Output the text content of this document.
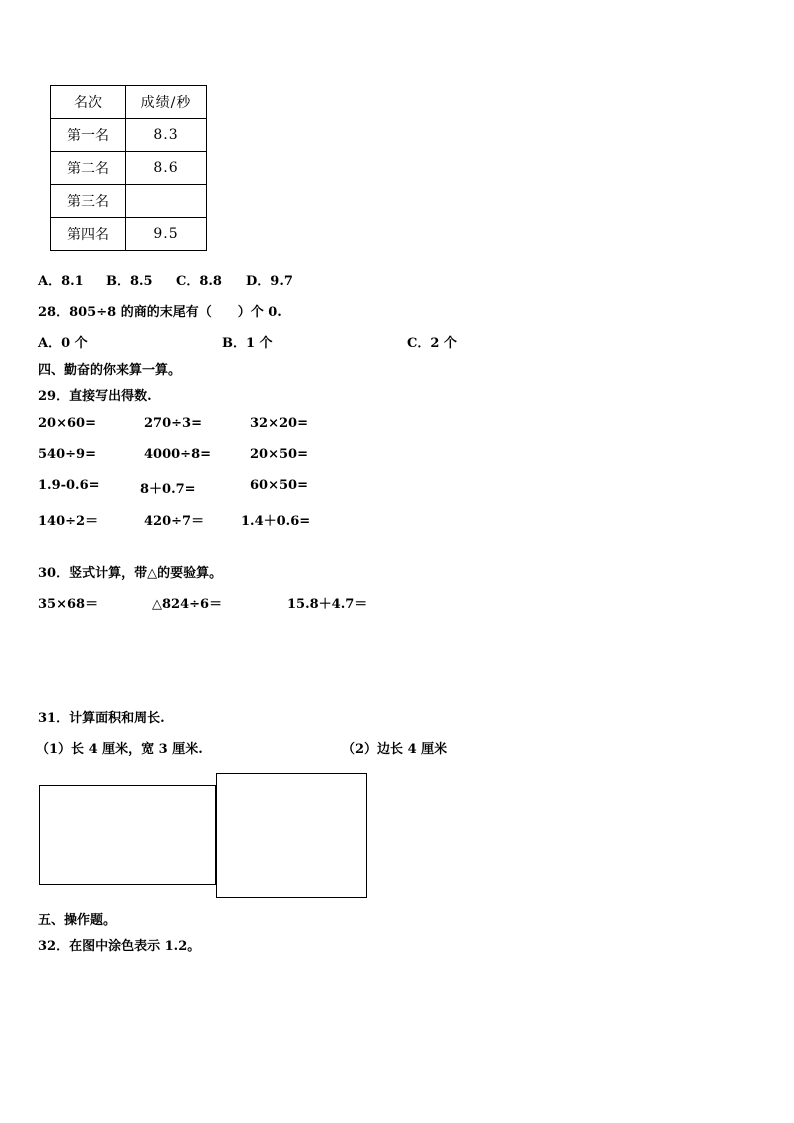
名次	成绩/秒
第一名	8.3
第二名	8.6
第三名	
第四名	9.5
A．8.1 B．8.5 C．8.8 D．9.7
28．805÷8 的商的末尾有（　　）个 0.
A．0 个	B．1 个	C．2 个
四、勤奋的你来算一算。
29．直接写出得数.
20×60=	270÷3=	32×20=
540÷9=	4000÷8=	20×50=
1.9-0.6=	8＋0.7=	60×50=
140÷2＝	420÷7＝	1.4＋0.6=
30．竖式计算，带△的要验算。
35×68＝	△824÷6＝	15.8＋4.7＝
31．计算面积和周长.
（1）长 4 厘米，宽 3 厘米.	（2）边长 4 厘米
五、操作题。
32．在图中涂色表示 1.2。
